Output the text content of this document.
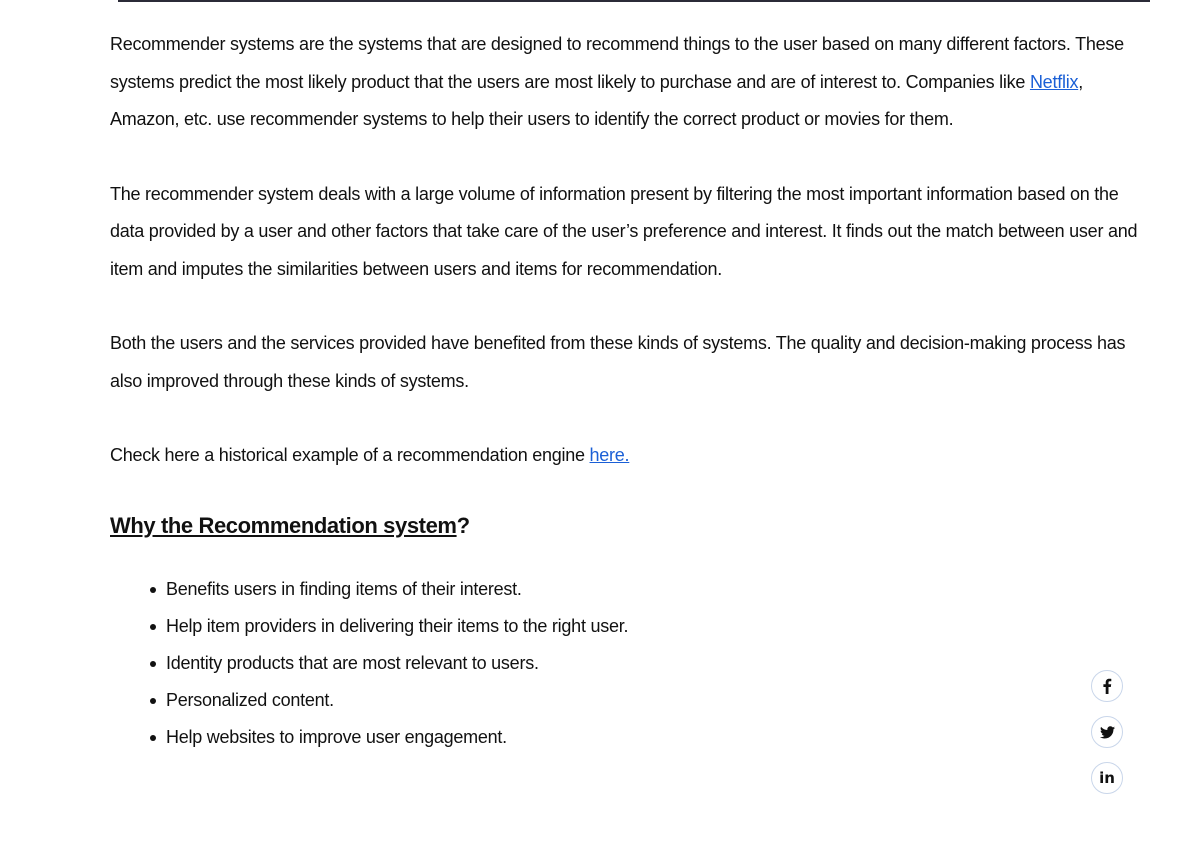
Recommender systems are the systems that are designed to recommend things to the user based on many different factors. These systems predict the most likely product that the users are most likely to purchase and are of interest to. Companies like Netflix, Amazon, etc. use recommender systems to help their users to identify the correct product or movies for them.

The recommender system deals with a large volume of information present by filtering the most important information based on the data provided by a user and other factors that take care of the user’s preference and interest. It finds out the match between user and item and imputes the similarities between users and items for recommendation.

Both the users and the services provided have benefited from these kinds of systems. The quality and decision-making process has also improved through these kinds of systems.

Check here a historical example of a recommendation engine here.

Why the Recommendation system?
Benefits users in finding items of their interest.
Help item providers in delivering their items to the right user.
Identity products that are most relevant to users.
Personalized content.
Help websites to improve user engagement.
in
